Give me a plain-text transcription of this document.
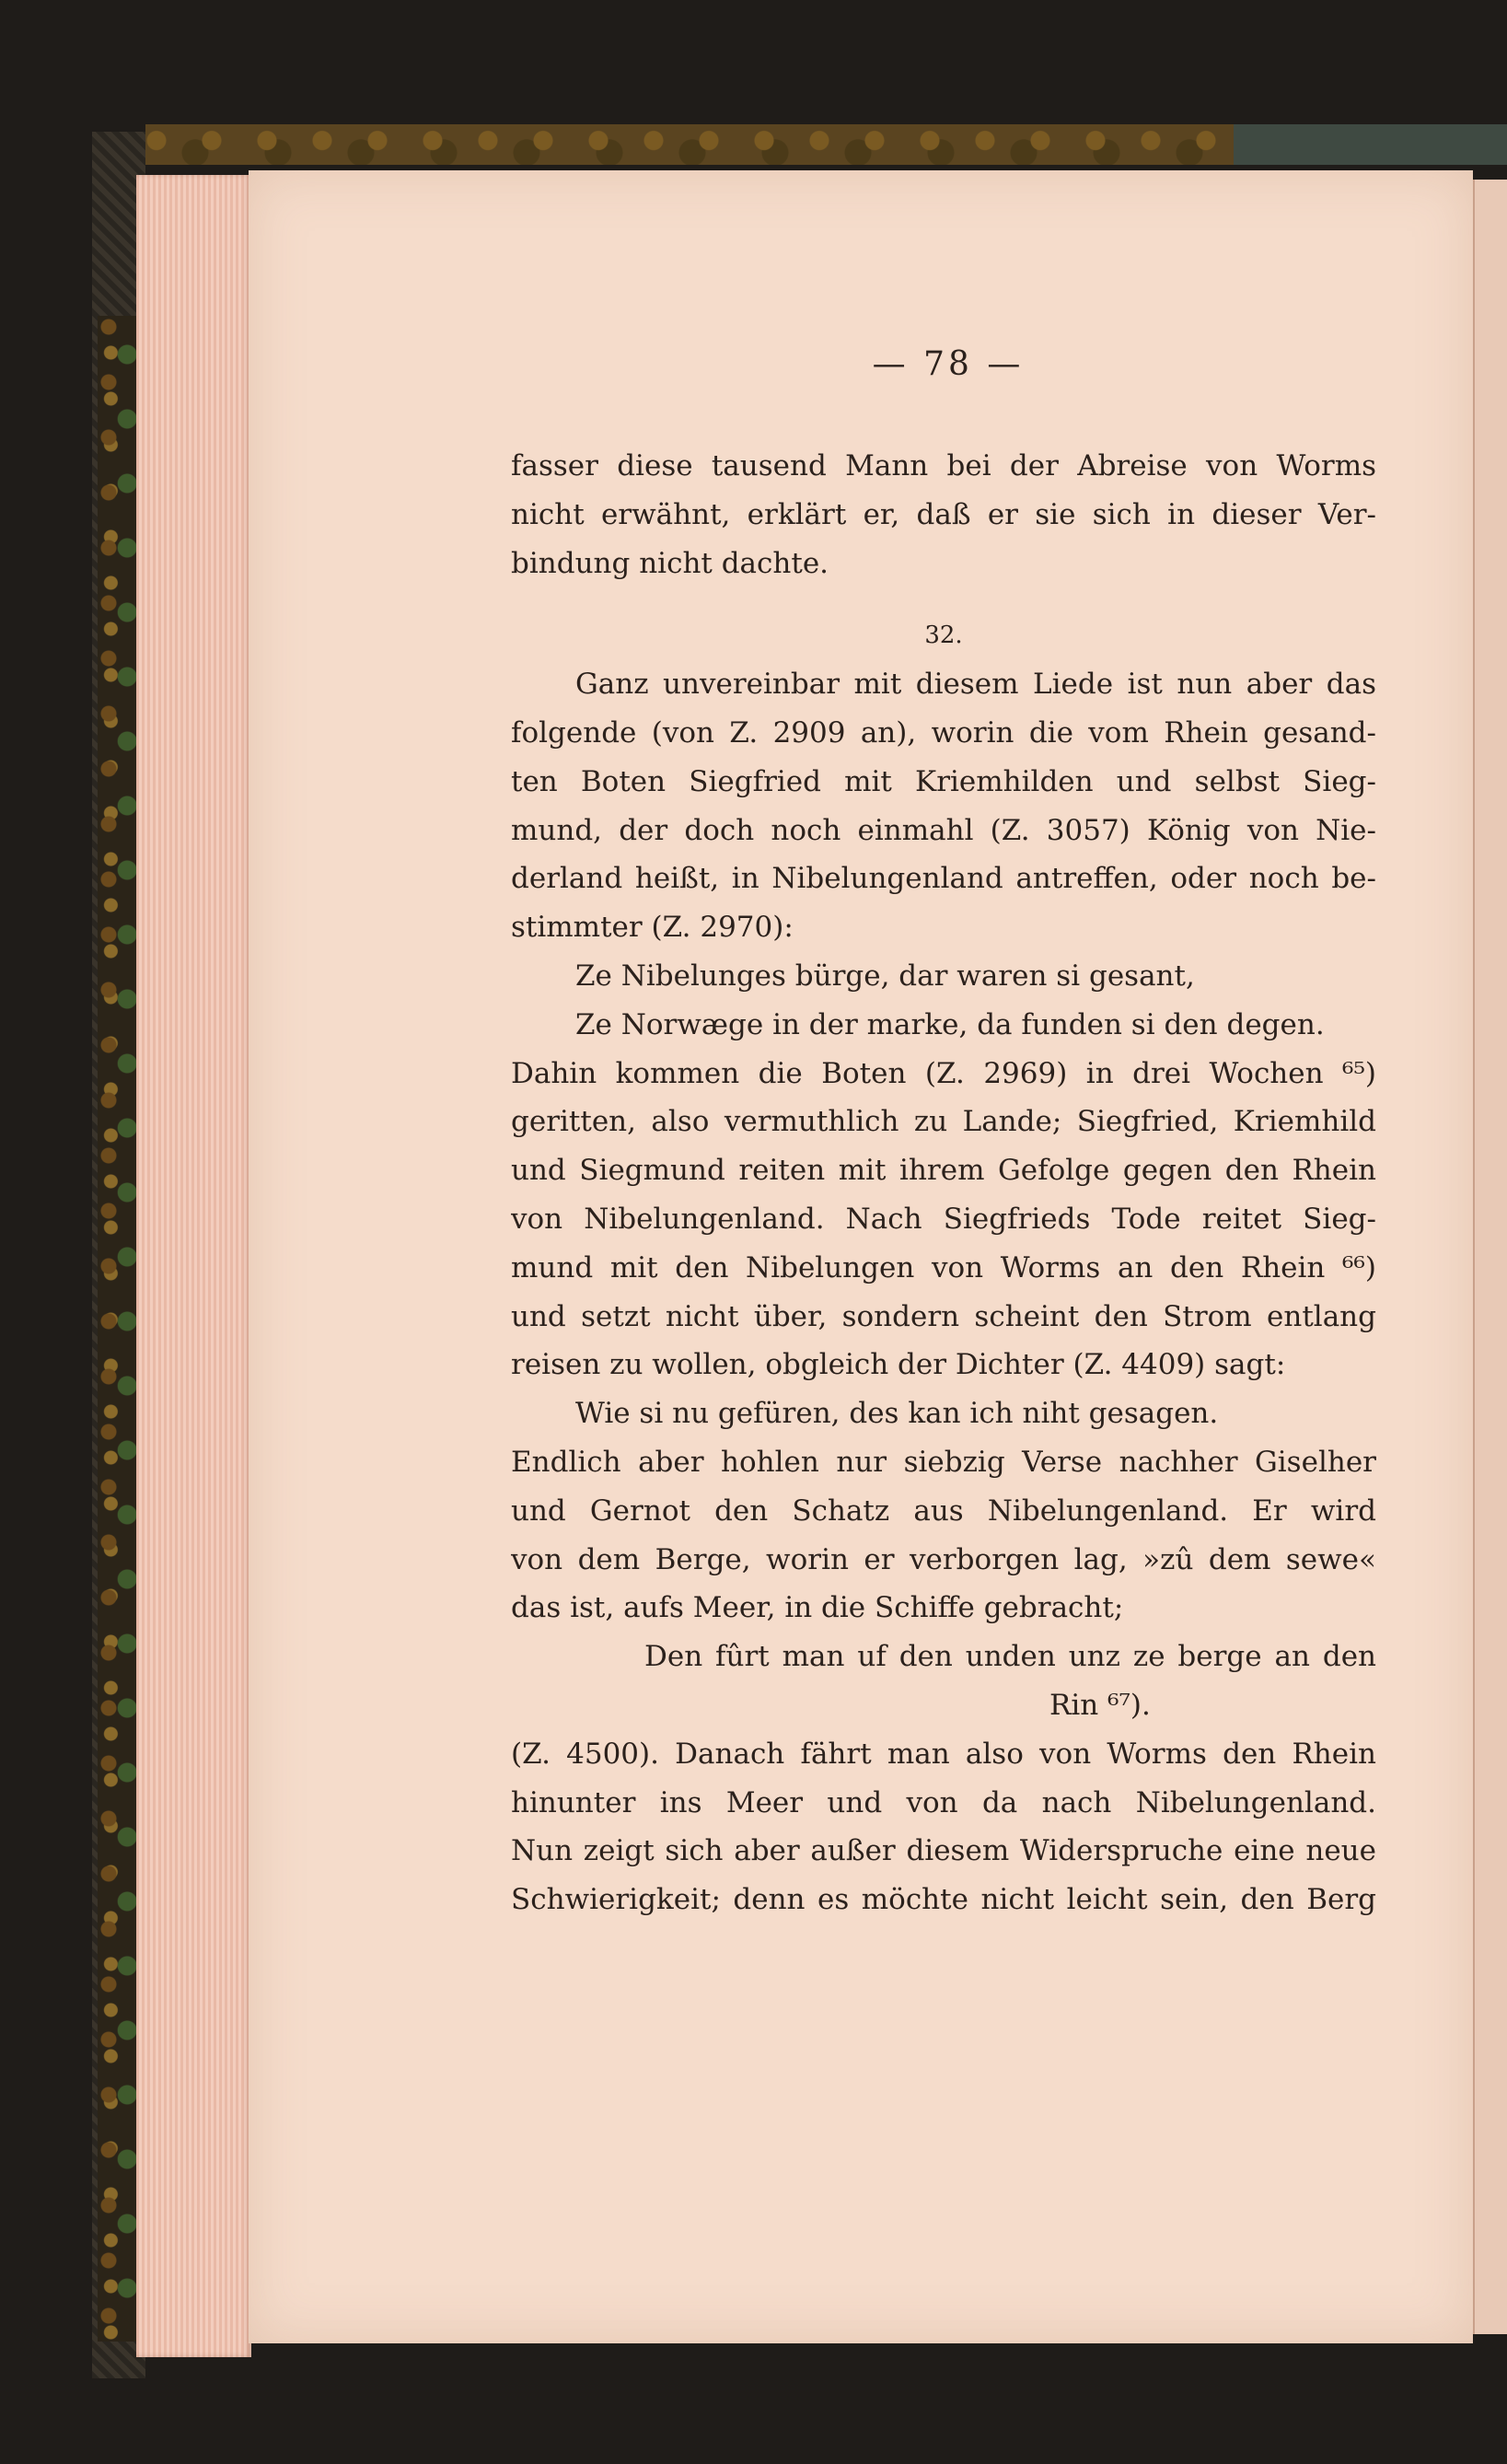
— 78 —
fasser diese tausend Mann bei der Abreise von Worms
nicht erwähnt, erklärt er, daß er sie sich in dieser Ver-
bindung nicht dachte.
32.
Ganz unvereinbar mit diesem Liede ist nun aber das
folgende (von Z. 2909 an), worin die vom Rhein gesand-
ten Boten Siegfried mit Kriemhilden und selbst Sieg-
mund, der doch noch einmahl (Z. 3057) König von Nie-
derland heißt, in Nibelungenland antreffen, oder noch be-
stimmter (Z. 2970):
Ze Nibelunges bürge, dar waren si gesant,
Ze Norwæge in der marke, da funden si den degen.
Dahin kommen die Boten (Z. 2969) in drei Wochen ⁶⁵)
geritten, also vermuthlich zu Lande; Siegfried, Kriemhild
und Siegmund reiten mit ihrem Gefolge gegen den Rhein
von Nibelungenland. Nach Siegfrieds Tode reitet Sieg-
mund mit den Nibelungen von Worms an den Rhein ⁶⁶)
und setzt nicht über, sondern scheint den Strom entlang
reisen zu wollen, obgleich der Dichter (Z. 4409) sagt:
Wie si nu gefüren, des kan ich niht gesagen.
Endlich aber hohlen nur siebzig Verse nachher Giselher
und Gernot den Schatz aus Nibelungenland. Er wird
von dem Berge, worin er verborgen lag, »zû dem sewe«
das ist, aufs Meer, in die Schiffe gebracht;
Den fûrt man uf den unden unz ze berge an den
Rin ⁶⁷).
(Z. 4500). Danach fährt man also von Worms den Rhein
hinunter ins Meer und von da nach Nibelungenland.
Nun zeigt sich aber außer diesem Widerspruche eine neue
Schwierigkeit; denn es möchte nicht leicht sein, den Berg
